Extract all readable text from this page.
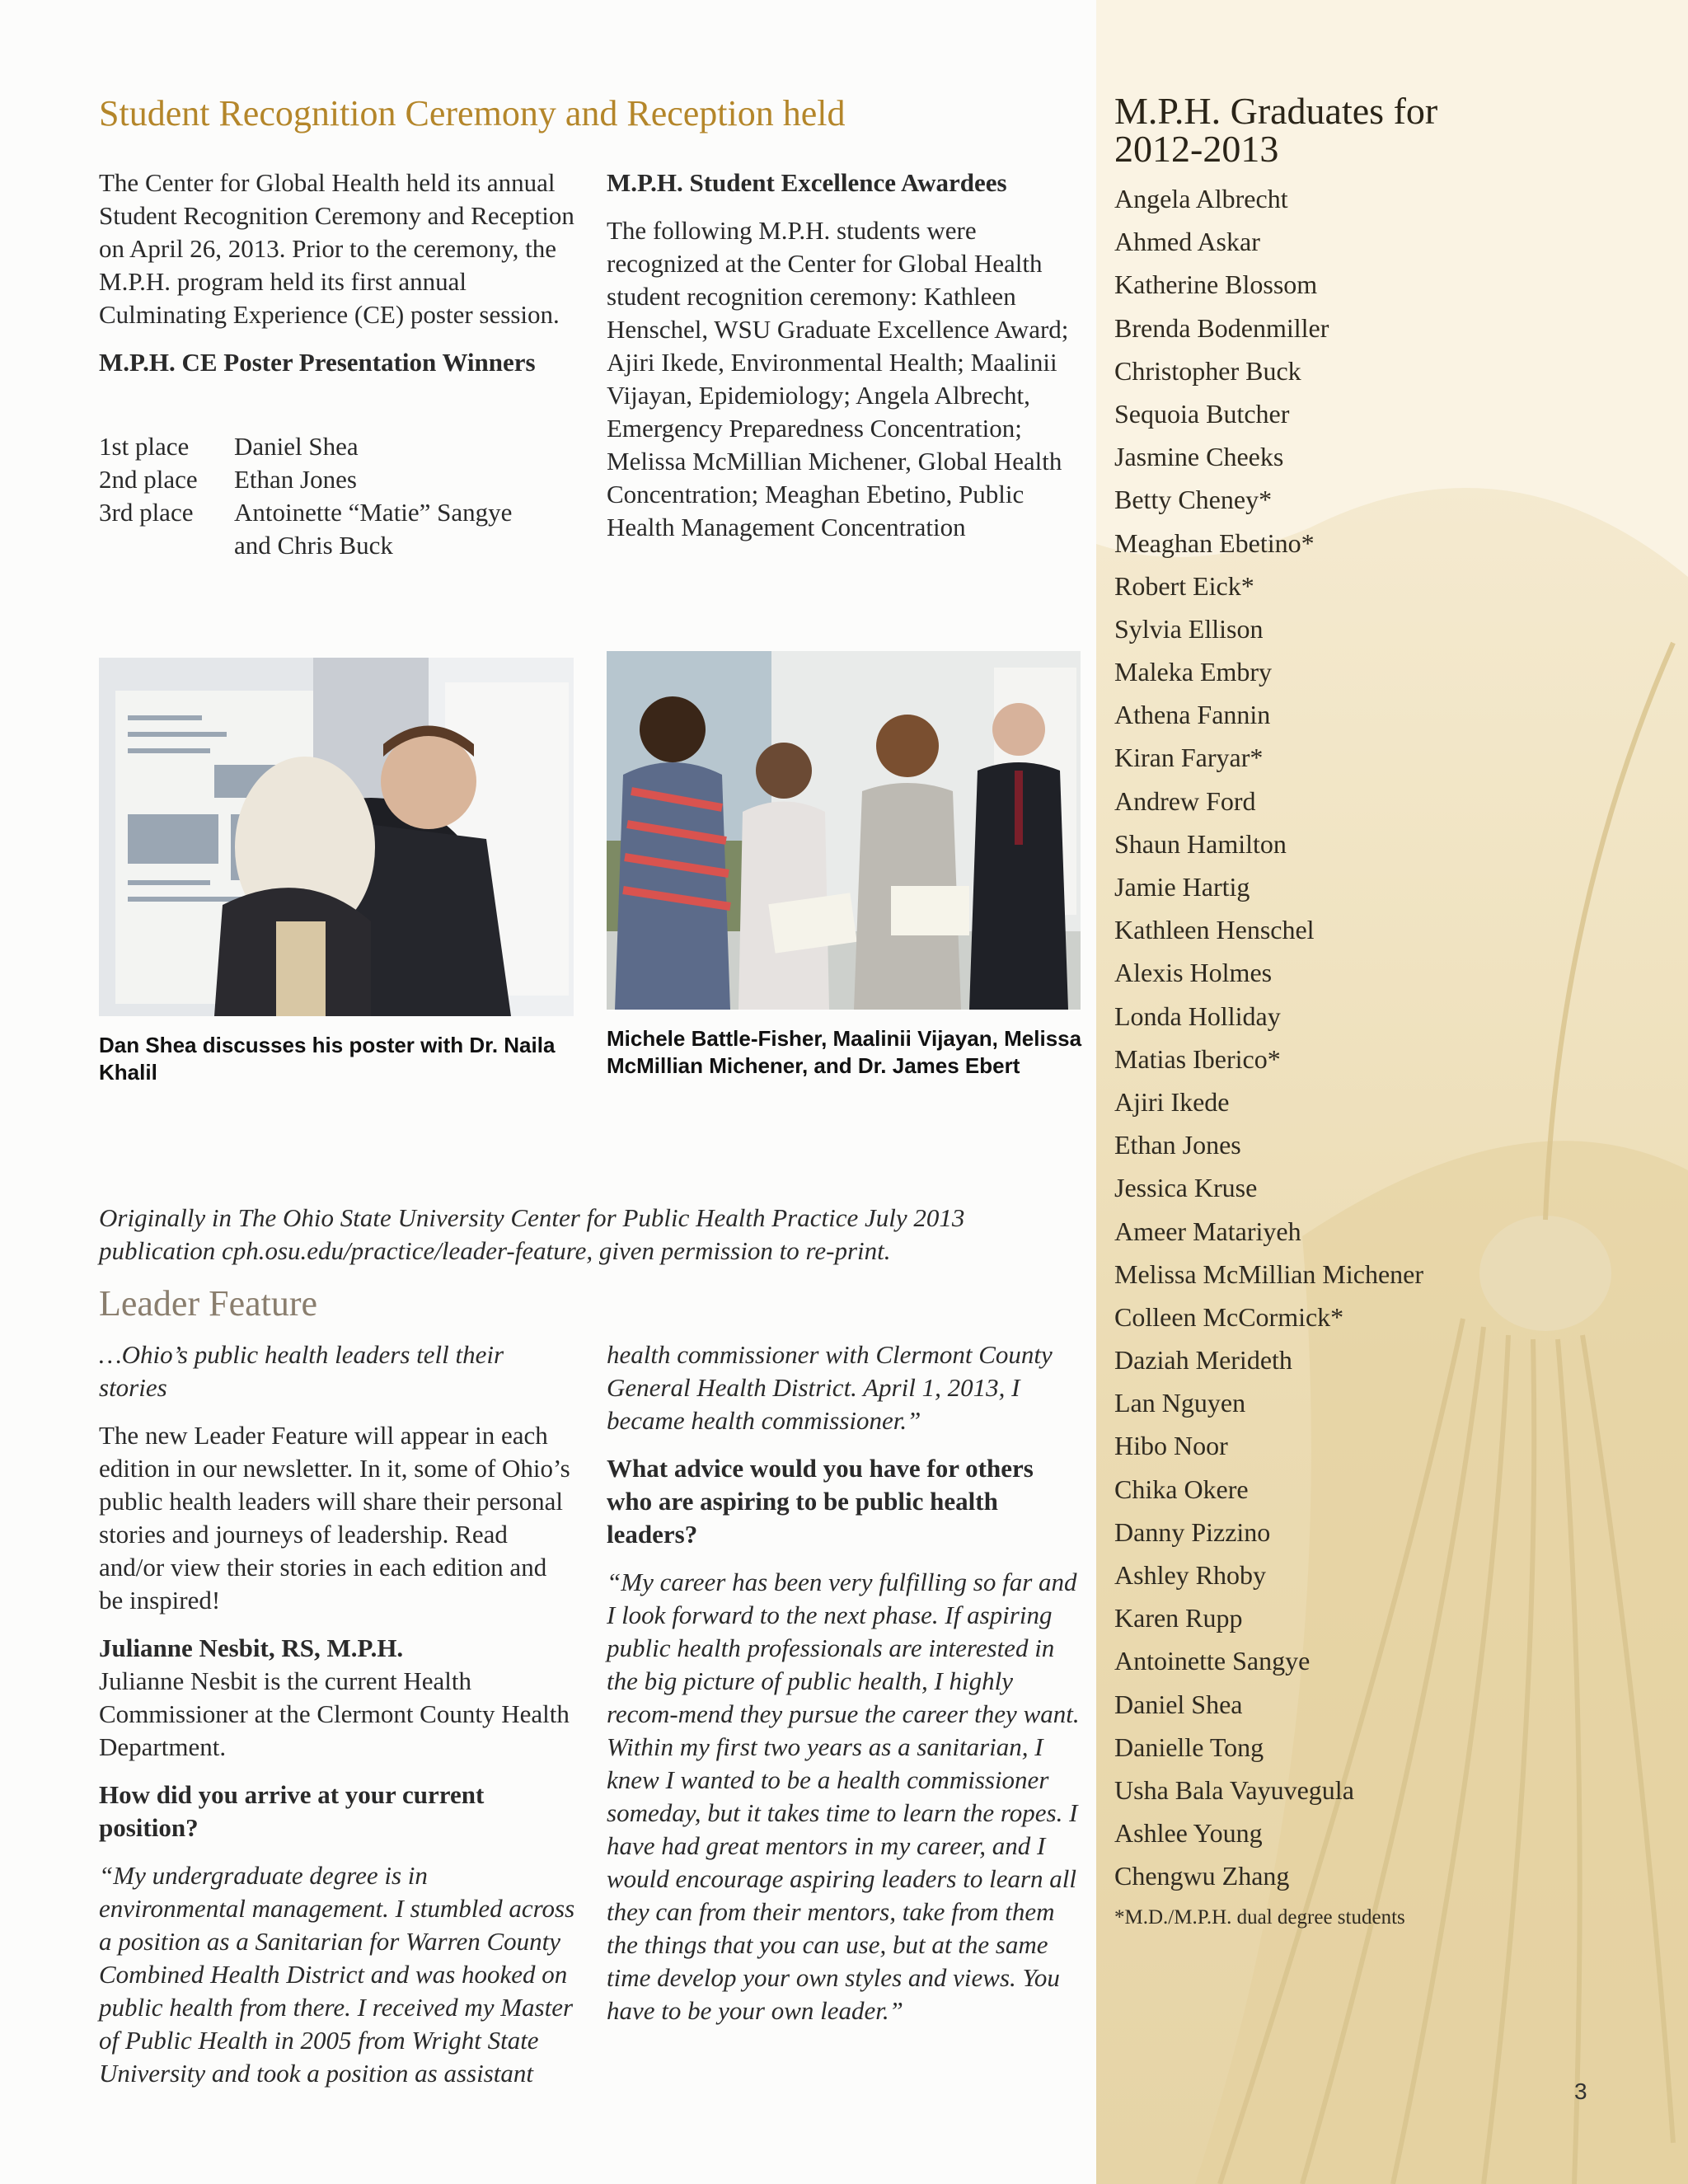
Student Recognition Ceremony and Reception held

The Center for Global Health held its annual Student Recognition Ceremony and Reception on April 26, 2013. Prior to the ceremony, the M.P.H. program held its first annual Culminating Experience (CE) poster session.

M.P.H. CE Poster Presentation Winners

1st place	Daniel Shea
2nd place	Ethan Jones
3rd place	Antoinette “Matie” Sangye and Chris Buck

M.P.H. Student Excellence Awardees

The following M.P.H. students were recognized at the Center for Global Health student recognition ceremony: Kathleen Henschel, WSU Graduate Excellence Award; Ajiri Ikede, Environmental Health; Maalinii Vijayan, Epidemiology; Angela Albrecht, Emergency Preparedness Concentration; Melissa McMillian Michener, Global Health Concentration; Meaghan Ebetino, Public Health Management Concentration

Dan Shea discusses his poster with Dr. Naila Khalil
Michele Battle-Fisher, Maalinii Vijayan, Melissa McMillian Michener, and Dr. James Ebert
Originally in The Ohio State University Center for Public Health Practice July 2013 publication cph.osu.edu/practice/leader-feature, given permission to re-print.
Leader Feature

…Ohio’s public health leaders tell their stories

The new Leader Feature will appear in each edition in our newsletter. In it, some of Ohio’s public health leaders will share their personal stories and journeys of leadership. Read and/or view their stories in each edition and be inspired!

Julianne Nesbit, RS, M.P.H.

Julianne Nesbit is the current Health Commissioner at the Clermont County Health Department.

How did you arrive at your current position?

“My undergraduate degree is in environmental management. I stumbled across a position as a Sanitarian for Warren County Combined Health District and was hooked on public health from there. I received my Master of Public Health in 2005 from Wright State University and took a position as assistant

health commissioner with Clermont County General Health District. April 1, 2013, I became health commissioner.”

What advice would you have for others who are aspiring to be public health leaders?

“My career has been very fulfilling so far and I look forward to the next phase. If aspiring public health professionals are interested in the big picture of public health, I highly recom-mend they pursue the career they want. Within my first two years as a sanitarian, I knew I wanted to be a health commissioner someday, but it takes time to learn the ropes. I have had great mentors in my career, and I would encourage aspiring leaders to learn all they can from their mentors, take from them the things that you can use, but at the same time develop your own styles and views. You have to be your own leader.”

M.P.H. Graduates for
2012-2013
Angela Albrecht
Ahmed Askar
Katherine Blossom
Brenda Bodenmiller
Christopher Buck
Sequoia Butcher
Jasmine Cheeks
Betty Cheney*
Meaghan Ebetino*
Robert Eick*
Sylvia Ellison
Maleka Embry
Athena Fannin
Kiran Faryar*
Andrew Ford
Shaun Hamilton
Jamie Hartig
Kathleen Henschel
Alexis Holmes
Londa Holliday
Matias Iberico*
Ajiri Ikede
Ethan Jones
Jessica Kruse
Ameer Matariyeh
Melissa McMillian Michener
Colleen McCormick*
Daziah Merideth
Lan Nguyen
Hibo Noor
Chika Okere
Danny Pizzino
Ashley Rhoby
Karen Rupp
Antoinette Sangye
Daniel Shea
Danielle Tong
Usha Bala Vayuvegula
Ashlee Young
Chengwu Zhang
*M.D./M.P.H. dual degree students
3
